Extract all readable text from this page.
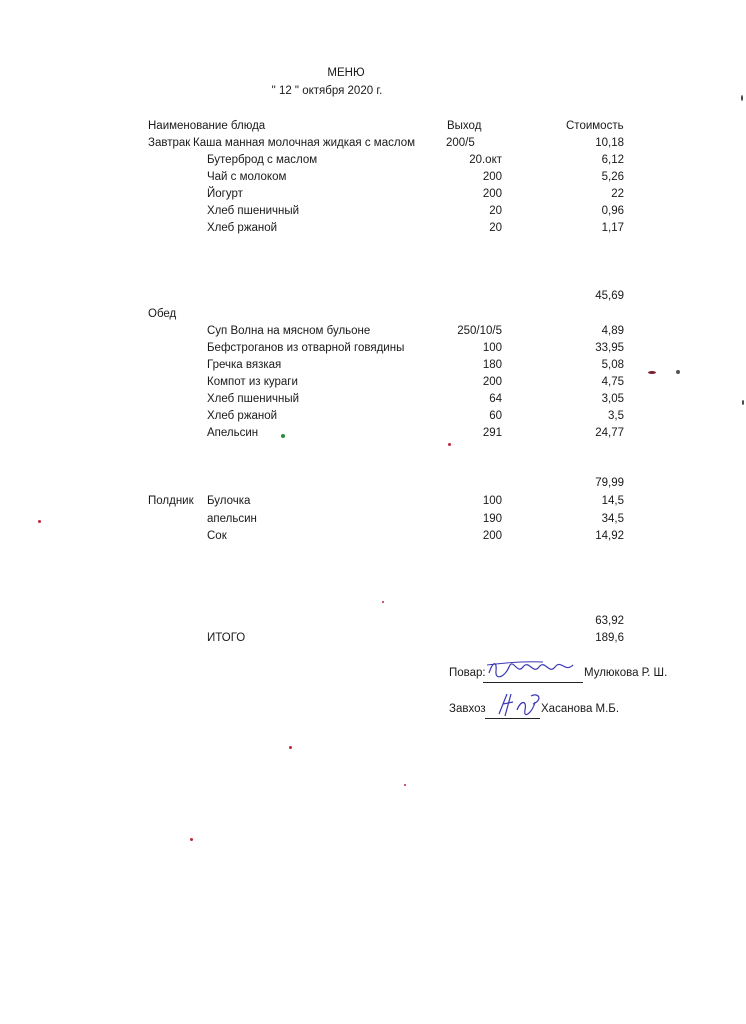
МЕНЮ
" 12 " октября 2020 г.
Наименование блюда	Выход	Стоимость
Завтрак Каша манная молочная жидкая с маслом	200/5	10,18
Бутерброд с маслом	20.окт	6,12
Чай с молоком	200	5,26
Йогурт	200	22
Хлеб пшеничный	20	0,96
Хлеб ржаной	20	1,17
45,69
Обед
Суп Волна на мясном бульоне	250/10/5	4,89
Бефстроганов из отварной говядины	100	33,95
Гречка вязкая	180	5,08
Компот из кураги	200	4,75
Хлеб пшеничный	64	3,05
Хлеб ржаной	60	3,5
Апельсин	291	24,77
79,99
Полдник Булочка	100	14,5
апельсин	190	34,5
Сок	200	14,92
63,92
ИТОГО	189,6
Повар:	Мулюкова Р. Ш.
Завхоз	Хасанова М.Б.
